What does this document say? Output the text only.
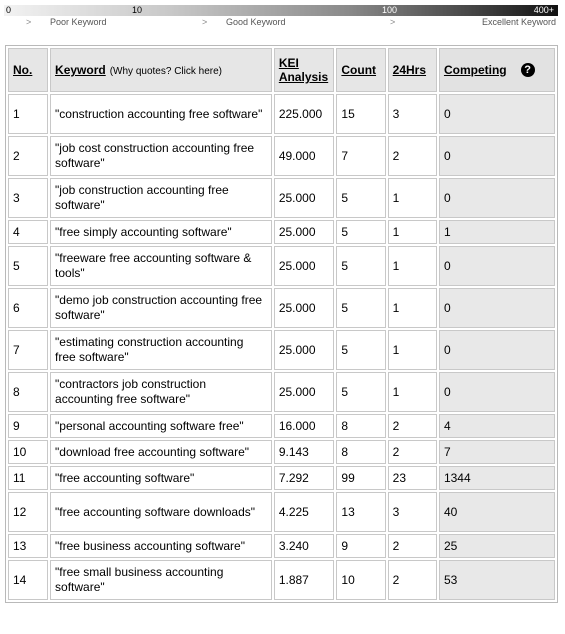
0	10	100	400+
> Poor Keyword	> Good Keyword	>	Excellent Keyword
No.	Keyword (Why quotes? Click here)	KEI
Analysis	Count	24Hrs	Competing ?
1	"construction accounting free software"	225.000	15	3	0
2	"job cost construction accounting free software"	49.000	7	2	0
3	"job construction accounting free software"	25.000	5	1	0
4	"free simply accounting software"	25.000	5	1	1
5	"freeware free accounting software & tools"	25.000	5	1	0
6	"demo job construction accounting free software"	25.000	5	1	0
7	"estimating construction accounting free software"	25.000	5	1	0
8	"contractors job construction accounting free software"	25.000	5	1	0
9	"personal accounting software free"	16.000	8	2	4
10	"download free accounting software"	9.143	8	2	7
11	"free accounting software"	7.292	99	23	1344
12	"free accounting software downloads"	4.225	13	3	40
13	"free business accounting software"	3.240	9	2	25
14	"free small business accounting software"	1.887	10	2	53
